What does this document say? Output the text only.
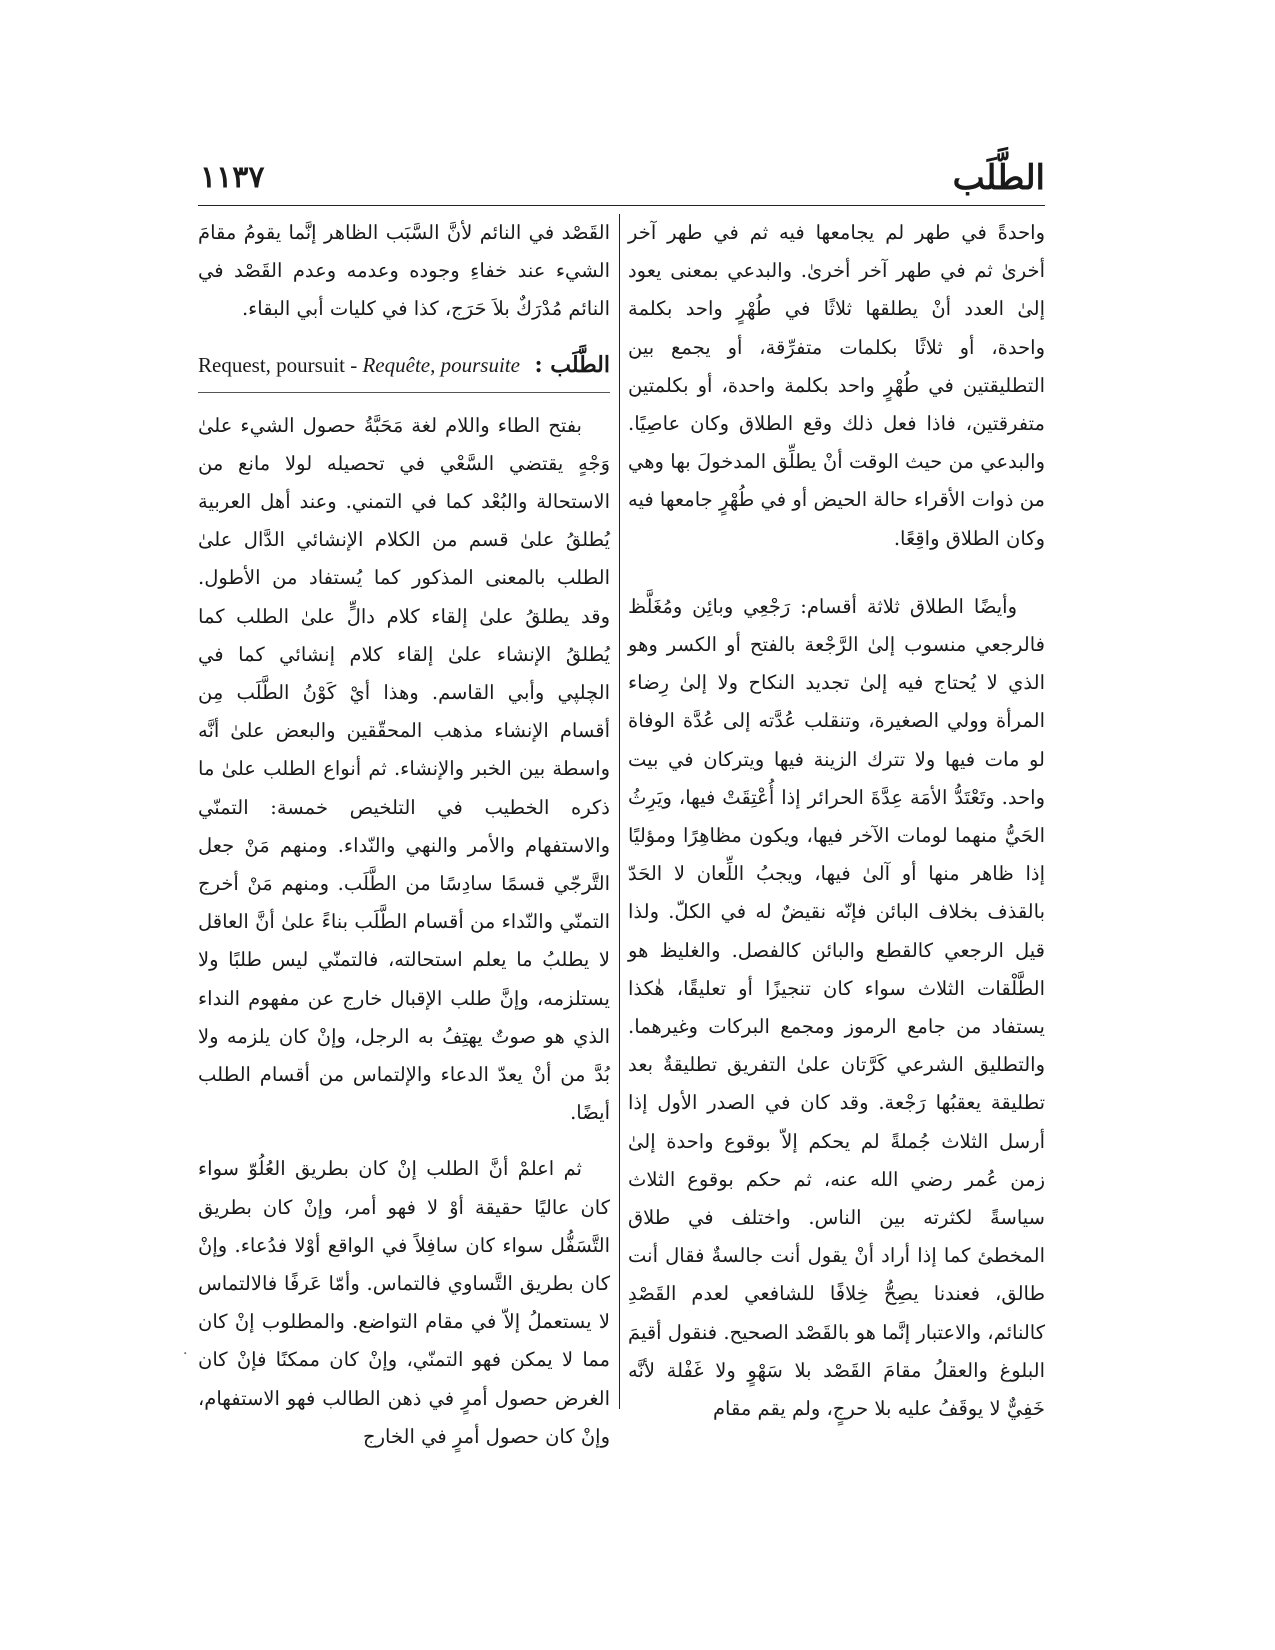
١١٣٧	الطَّلَب

واحدةً في طهر لم يجامعها فيه ثم في طهر آخر أخرىٰ ثم في طهر آخر أخرىٰ. والبدعي بمعنى يعود إلىٰ العدد أنْ يطلقها ثلاثًا في طُهْرٍ واحد بكلمة واحدة، أو ثلاثًا بكلمات متفرِّقة، أو يجمع بين التطليقتين في طُهْرٍ واحد بكلمة واحدة، أو بكلمتين متفرقتين، فاذا فعل ذلك وقع الطلاق وكان عاصِيًا. والبدعي من حيث الوقت أنْ يطلِّق المدخولَ بها وهي من ذوات الأقراء حالة الحيض أو في طُهْرٍ جامعها فيه وكان الطلاق واقِعًا.

وأيضًا الطلاق ثلاثة أقسام: رَجْعِي وبائِن ومُغَلَّظ فالرجعي منسوب إلىٰ الرَّجْعة بالفتح أو الكسر وهو الذي لا يُحتاج فيه إلىٰ تجديد النكاح ولا إلىٰ رِضاء المرأة وولي الصغيرة، وتنقلب عُدَّته إلى عُدَّة الوفاة لو مات فيها ولا تترك الزينة فيها ويتركان في بيت واحد. وتَعْتَدُّ الأمَة عِدَّةَ الحرائر إذا أُعْتِقَتْ فيها، ويَرِثُ الحَيُّ منهما لومات الآخر فيها، ويكون مظاهِرًا ومؤليًا إذا ظاهر منها أو آلىٰ فيها، ويجبُ اللِّعان لا الحَدّ بالقذف بخلاف البائن فإنّه نقيضٌ له في الكلّ. ولذا قيل الرجعي كالقطع والبائن كالفصل. والغليظ هو الطَّلْقات الثلاث سواء كان تنجيزًا أو تعليقًا، هٰكذا يستفاد من جامع الرموز ومجمع البركات وغيرهما. والتطليق الشرعي كَرَّتان علىٰ التفريق تطليقةٌ بعد تطليقة يعقبُها رَجْعة. وقد كان في الصدر الأول إذا أرسل الثلاث جُملةً لم يحكم إلاّ بوقوع واحدة إلىٰ زمن عُمر رضي الله عنه، ثم حكم بوقوع الثلاث سياسةً لكثرته بين الناس. واختلف في طلاق المخطئ كما إذا أراد أنْ يقول أنت جالسةٌ فقال أنت طالق، فعندنا يصِحُّ خِلافًا للشافعي لعدم القَصْدِ كالنائم، والاعتبار إنَّما هو بالقَصْد الصحيح. فنقول أقيمَ البلوغ والعقلُ مقامَ القَصْد بلا سَهْوٍ ولا غَفْلة لأنَّه خَفِيٌّ لا يوقَفُ عليه بلا حرجٍ، ولم يقم مقام

القَصْد في النائم لأنَّ السَّبَب الظاهر إنَّما يقومُ مقامَ الشيء عند خفاءِ وجوده وعدمه وعدم القَصْد في النائم مُدْرَكٌ بلاَ حَرَج، كذا في كليات أبي البقاء.

الطَّلَب :
Request, poursuit - Requête, poursuite

بفتح الطاء واللام لغة مَحَبَّةُ حصول الشيء علىٰ وَجْهٍ يقتضي السَّعْي في تحصيله لولا مانع من الاستحالة والبُعْد كما في التمني. وعند أهل العربية يُطلقُ علىٰ قسم من الكلام الإنشائي الدَّال علىٰ الطلب بالمعنى المذكور كما يُستفاد من الأطول. وقد يطلقُ علىٰ إلقاء كلام دالٍّ علىٰ الطلب كما يُطلقُ الإنشاء علىٰ إلقاء كلام إنشائي كما في الچلپي وأبي القاسم. وهذا أيْ كَوْنُ الطَّلَب مِن أقسام الإنشاء مذهب المحقّقين والبعض علىٰ أنَّه واسطة بين الخبر والإنشاء. ثم أنواع الطلب علىٰ ما ذكره الخطيب في التلخيص خمسة: التمنّي والاستفهام والأمر والنهي والنّداء. ومنهم مَنْ جعل التَّرجّي قسمًا سادِسًا من الطَّلَب. ومنهم مَنْ أخرج التمنّي والنّداء من أقسام الطَّلَب بناءً علىٰ أنَّ العاقل لا يطلبُ ما يعلم استحالته، فالتمنّي ليس طلبًا ولا يستلزمه، وإنَّ طلب الإقبال خارج عن مفهوم النداء الذي هو صوتٌ يهتِفُ به الرجل، وإنْ كان يلزمه ولا بُدَّ من أنْ يعدّ الدعاء والإلتماس من أقسام الطلب أيضًا.

ثم اعلمْ أنَّ الطلب إنْ كان بطريق العُلُوّ سواء كان عاليًا حقيقة أوْ لا فهو أمر، وإنْ كان بطريق التَّسَفُّل سواء كان سافِلاً في الواقع أوْلا فدُعاء. وإنْ كان بطريق التَّساوي فالتماس. وأمّا عَرفًا فالالتماس لا يستعملُ إلاّ في مقام التواضع. والمطلوب إنْ كان مما لا يمكن فهو التمنّي، وإنْ كان ممكنًا فإنْ كان الغرض حصول أمرٍ في ذهن الطالب فهو الاستفهام، وإنْ كان حصول أمرٍ في الخارج

·
